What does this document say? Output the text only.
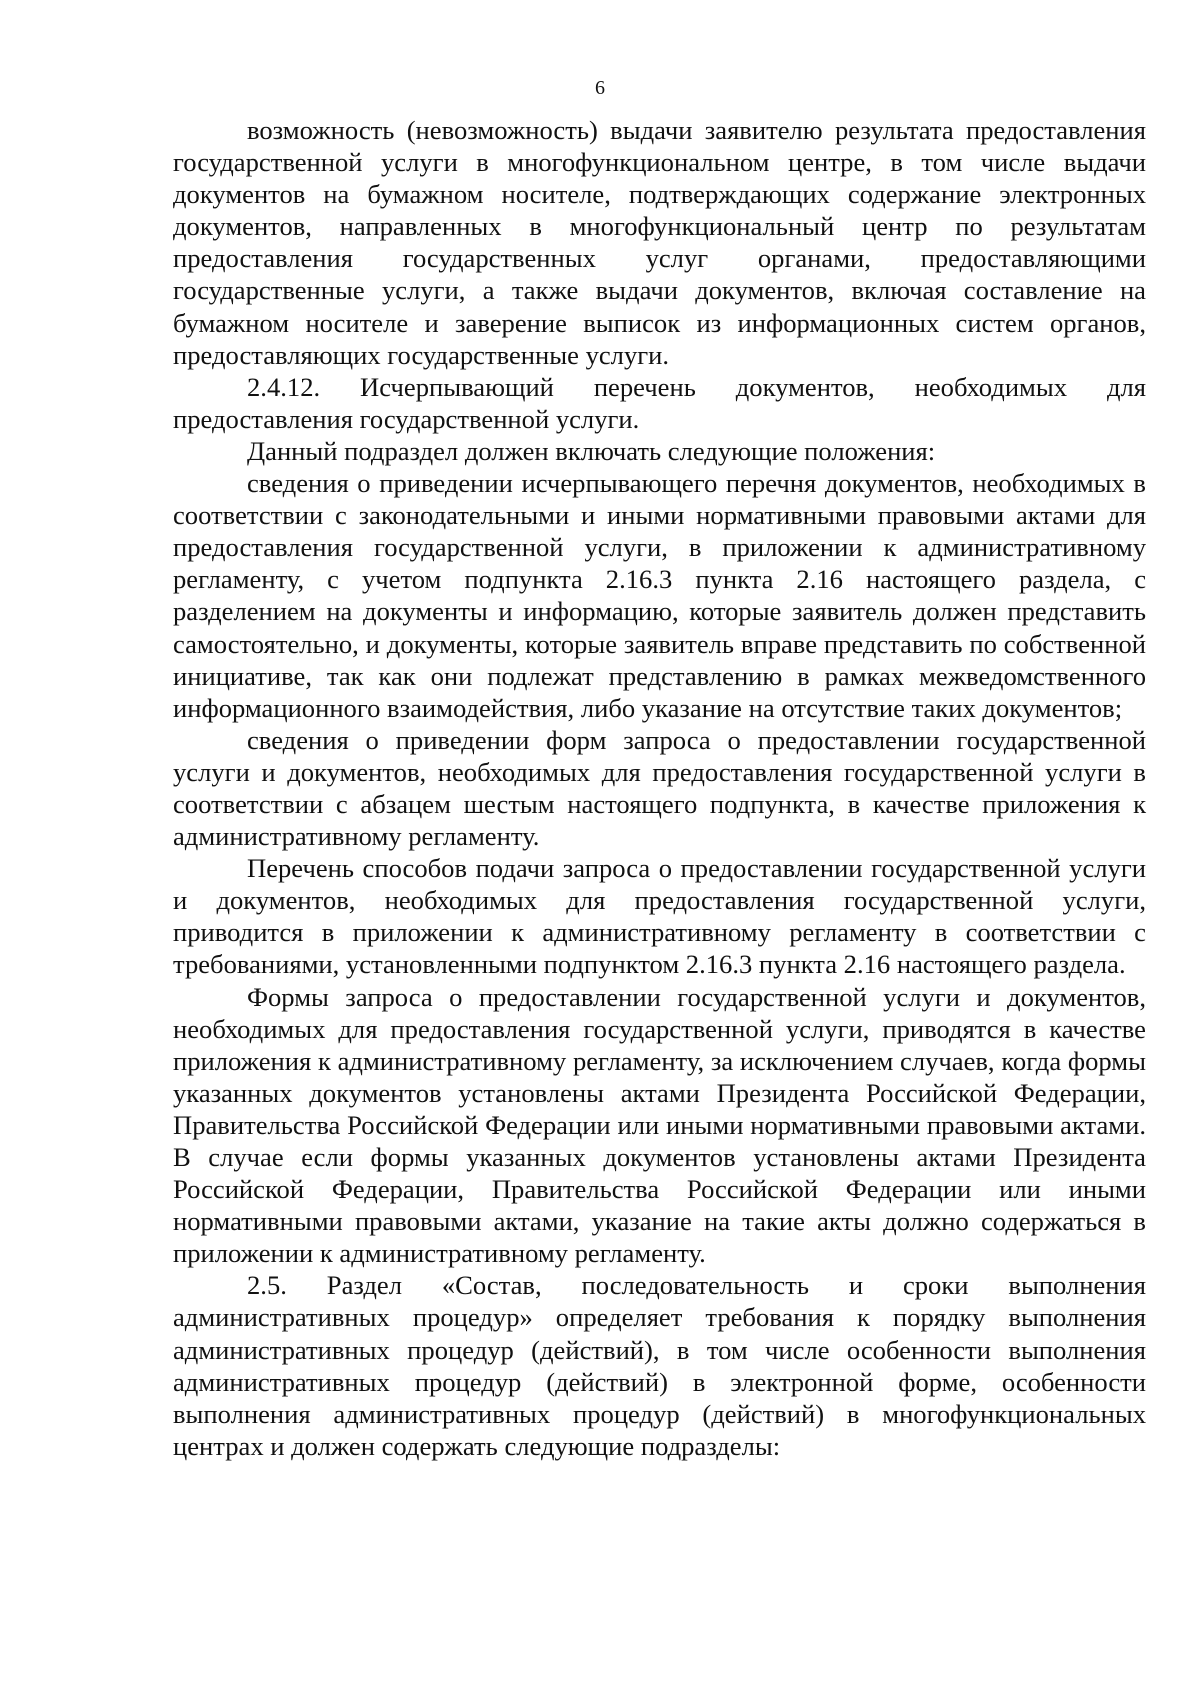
6

возможность (невозможность) выдачи заявителю результата предоставления государственной услуги в многофункциональном центре, в том числе выдачи документов на бумажном носителе, подтверждающих содержание электронных документов, направленных в многофункциональный центр по результатам предоставления государственных услуг органами, предоставляющими государственные услуги, а также выдачи документов, включая составление на бумажном носителе и заверение выписок из информационных систем органов, предоставляющих государственные услуги.

2.4.12. Исчерпывающий перечень документов, необходимых для предоставления государственной услуги.

Данный подраздел должен включать следующие положения:

сведения о приведении исчерпывающего перечня документов, необходимых в соответствии с законодательными и иными нормативными правовыми актами для предоставления государственной услуги, в приложении к административному регламенту, с учетом подпункта 2.16.3 пункта 2.16 настоящего раздела, с разделением на документы и информацию, которые заявитель должен представить самостоятельно, и документы, которые заявитель вправе представить по собственной инициативе, так как они подлежат представлению в рамках межведомственного информационного взаимодействия, либо указание на отсутствие таких документов;

сведения о приведении форм запроса о предоставлении государственной услуги и документов, необходимых для предоставления государственной услуги в соответствии с абзацем шестым настоящего подпункта, в качестве приложения к административному регламенту.

Перечень способов подачи запроса о предоставлении государственной услуги и документов, необходимых для предоставления государственной услуги, приводится в приложении к административному регламенту в соответствии с требованиями, установленными подпунктом 2.16.3 пункта 2.16 настоящего раздела.

Формы запроса о предоставлении государственной услуги и документов, необходимых для предоставления государственной услуги, приводятся в качестве приложения к административному регламенту, за исключением случаев, когда формы указанных документов установлены актами Президента Российской Федерации, Правительства Российской Федерации или иными нормативными правовыми актами. В случае если формы указанных документов установлены актами Президента Российской Федерации, Правительства Российской Федерации или иными нормативными правовыми актами, указание на такие акты должно содержаться в приложении к административному регламенту.

2.5. Раздел «Состав, последовательность и сроки выполнения административных процедур» определяет требования к порядку выполнения административных процедур (действий), в том числе особенности выполнения административных процедур (действий) в электронной форме, особенности выполнения административных процедур (действий) в многофункциональных центрах и должен содержать следующие подразделы:
